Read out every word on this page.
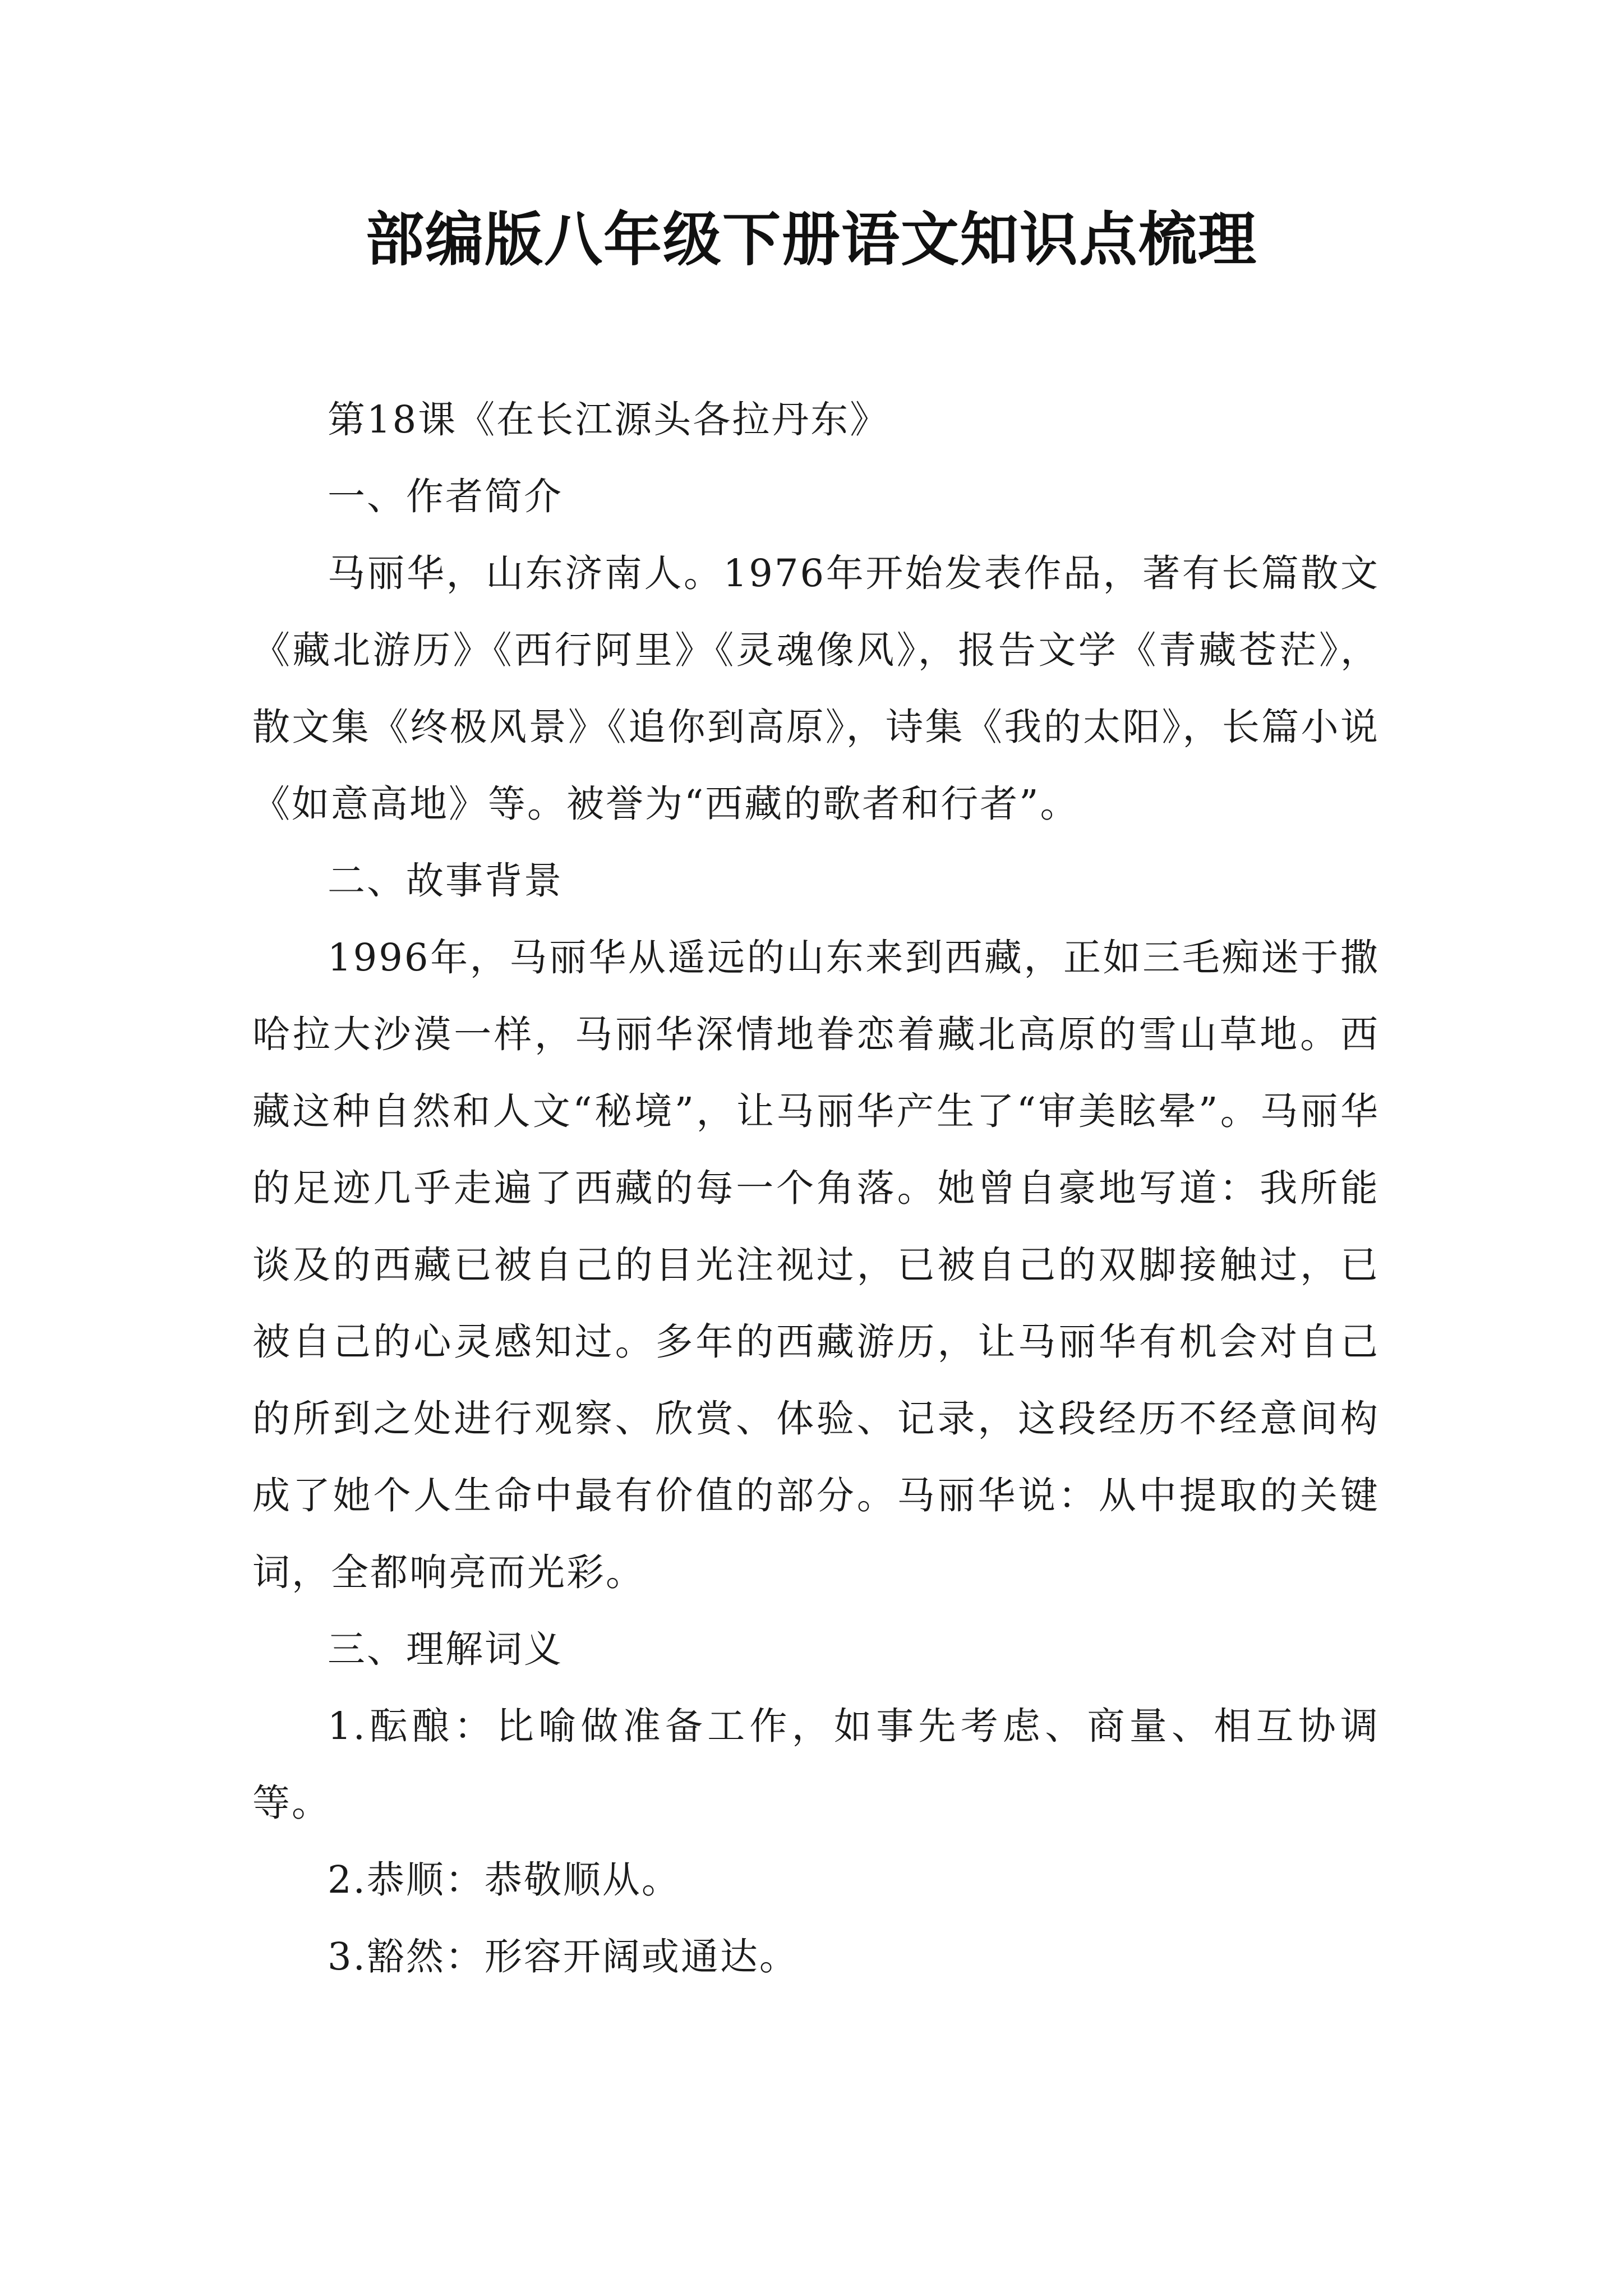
部编版八年级下册语文知识点梳理

第18课《在长江源头各拉丹东》

一、作者简介

马丽华，山东济南人。1976年开始发表作品，著有长篇散文《藏北游历》《西行阿里》《灵魂像风》，报告文学《青藏苍茫》，散文集《终极风景》《追你到高原》，诗集《我的太阳》，长篇小说《如意高地》等。被誉为“西藏的歌者和行者”。

二、故事背景

1996年，马丽华从遥远的山东来到西藏，正如三毛痴迷于撒哈拉大沙漠一样，马丽华深情地眷恋着藏北高原的雪山草地。西藏这种自然和人文“秘境”，让马丽华产生了“审美眩晕”。马丽华的足迹几乎走遍了西藏的每一个角落。她曾自豪地写道：我所能谈及的西藏已被自己的目光注视过，已被自己的双脚接触过，已被自己的心灵感知过。多年的西藏游历，让马丽华有机会对自己的所到之处进行观察、欣赏、体验、记录，这段经历不经意间构成了她个人生命中最有价值的部分。马丽华说：从中提取的关键词，全都响亮而光彩。

三、理解词义

1.酝酿：比喻做准备工作，如事先考虑、商量、相互协调等。

2.恭顺：恭敬顺从。

3.豁然：形容开阔或通达。
